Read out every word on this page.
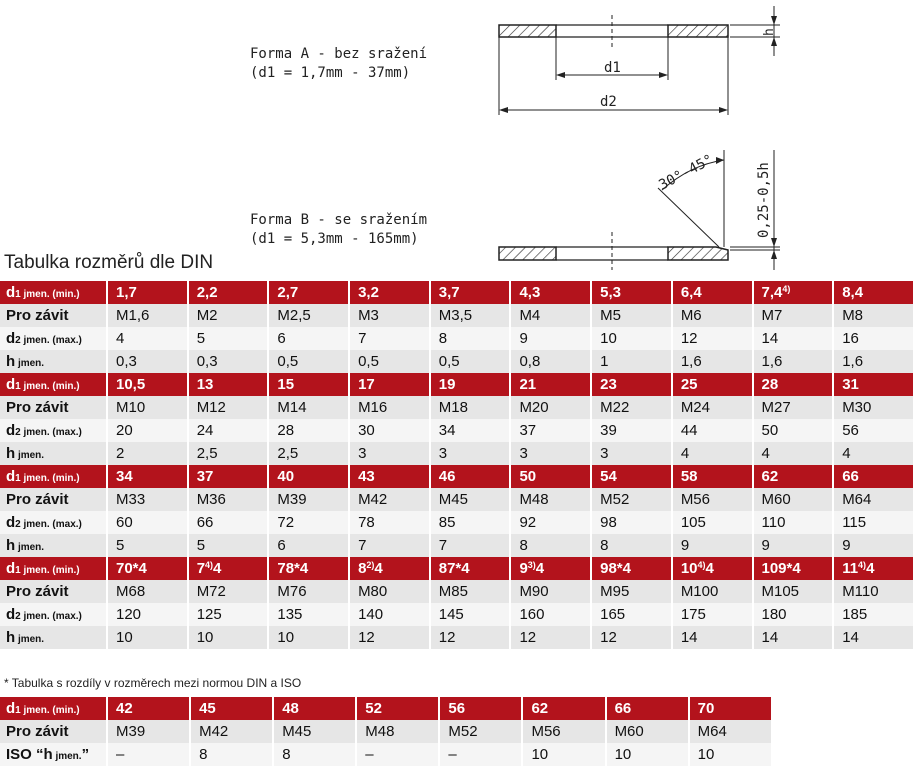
d1
d2
h
Forma A - bez sražení
(d1 = 1,7mm - 37mm)
30°-45°	0,25-0,5h
Forma B - se sražením
(d1 = 5,3mm - 165mm)
Tabulka rozměrů dle DIN
d1 jmen. (min.)	1,7	2,2	2,7	3,2	3,7	4,3	5,3	6,4	7,4$^{4)}$	8,4
Pro závit	M1,6	M2	M2,5	M3	M3,5	M4	M5	M6	M7	M8
d2 jmen. (max.)	4	5	6	7	8	9	10	12	14	16
h jmen.	0,3	0,3	0,5	0,5	0,5	0,8	1	1,6	1,6	1,6
d1 jmen. (min.)	10,5	13	15	17	19	21	23	25	28	31
Pro závit	M10	M12	M14	M16	M18	M20	M22	M24	M27	M30
d2 jmen. (max.)	20	24	28	30	34	37	39	44	50	56
h jmen.	2	2,5	2,5	3	3	3	3	4	4	4
d1 jmen. (min.)	34	37	40	43	46	50	54	58	62	66
Pro závit	M33	M36	M39	M42	M45	M48	M52	M56	M60	M64
d2 jmen. (max.)	60	66	72	78	85	92	98	105	110	115
h jmen.	5	5	6	7	7	8	8	9	9	9
d1 jmen. (min.)	70*4	7$^{4)}$4	78*4	8$^{2)}$4	87*4	9$^{3)}$4	98*4	10$^{4)}$4	109*4	11$^{4)}$4
Pro závit	M68	M72	M76	M80	M85	M90	M95	M100	M105	M110
d2 jmen. (max.)	120	125	135	140	145	160	165	175	180	185
h jmen.	10	10	10	12	12	12	12	14	14	14
* Tabulka s rozdíly v rozměrech mezi normou DIN a ISO
d1 jmen. (min.)	42	45	48	52	56	62	66	70
Pro závit	M39	M42	M45	M48	M52	M56	M60	M64
ISO “h jmen.”	–	8	8	–	–	10	10	10
